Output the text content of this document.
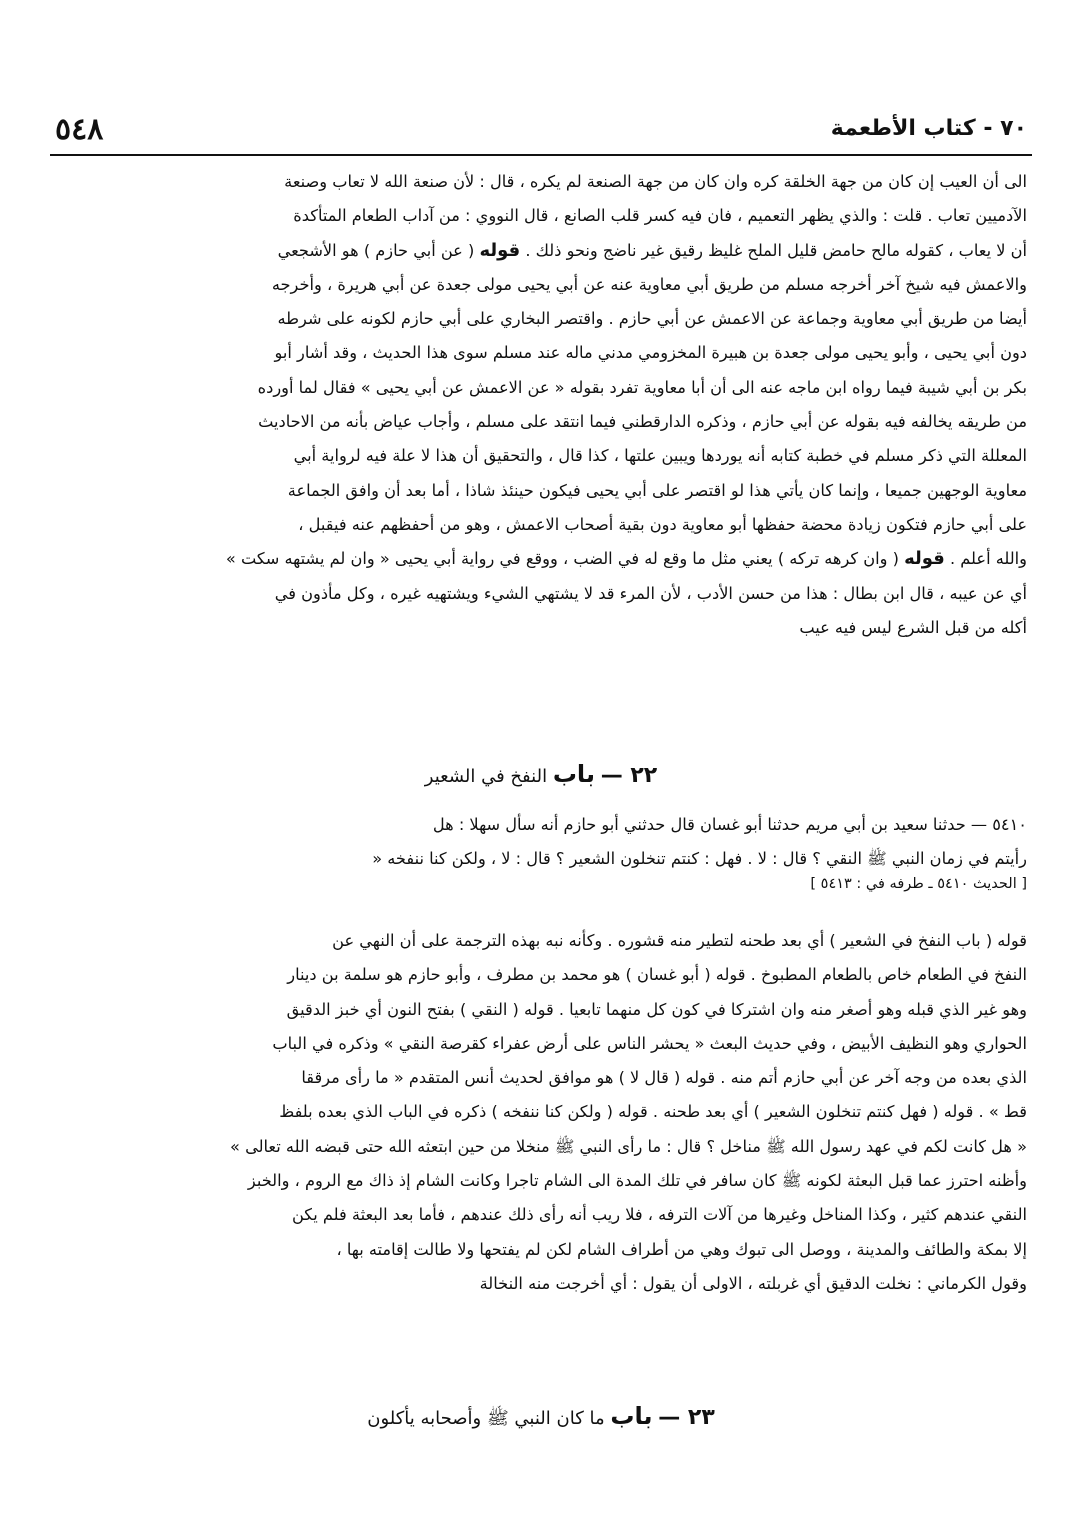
٥٤٨	٧٠ - كتاب الأطعمة

الى أن العيب إن كان من جهة الخلقة كره وان كان من جهة الصنعة لم يكره ، قال : لأن صنعة الله لا تعاب وصنعة

الآدميين تعاب . قلت : والذي يظهر التعميم ، فان فيه كسر قلب الصانع ، قال النووي : من آداب الطعام المتأكدة

أن لا يعاب ، كقوله مالح حامض قليل الملح غليظ رقيق غير ناضج ونحو ذلك . قوله ( عن أبي حازم ) هو الأشجعي

والاعمش فيه شيخ آخر أخرجه مسلم من طريق أبي معاوية عنه عن أبي يحيى مولى جعدة عن أبي هريرة ، وأخرجه

أيضا من طريق أبي معاوية وجماعة عن الاعمش عن أبي حازم . واقتصر البخاري على أبي حازم لكونه على شرطه

دون أبي يحيى ، وأبو يحيى مولى جعدة بن هبيرة المخزومي مدني ماله عند مسلم سوى هذا الحديث ، وقد أشار أبو

بكر بن أبي شيبة فيما رواه ابن ماجه عنه الى أن أبا معاوية تفرد بقوله « عن الاعمش عن أبي يحيى » فقال لما أورده

من طريقه يخالفه فيه بقوله عن أبي حازم ، وذكره الدارقطني فيما انتقد على مسلم ، وأجاب عياض بأنه من الاحاديث

المعللة التي ذكر مسلم في خطبة كتابه أنه يوردها ويبين علتها ، كذا قال ، والتحقيق أن هذا لا علة فيه لرواية أبي

معاوية الوجهين جميعا ، وإنما كان يأتي هذا لو اقتصر على أبي يحيى فيكون حينئذ شاذا ، أما بعد أن وافق الجماعة

على أبي حازم فتكون زيادة محضة حفظها أبو معاوية دون بقية أصحاب الاعمش ، وهو من أحفظهم عنه فيقبل ،

والله أعلم . قوله ( وان كرهه تركه ) يعني مثل ما وقع له في الضب ، ووقع في رواية أبي يحيى « وان لم يشتهه سكت »

أي عن عيبه ، قال ابن بطال : هذا من حسن الأدب ، لأن المرء قد لا يشتهي الشيء ويشتهيه غيره ، وكل مأذون في

أكله من قبل الشرع ليس فيه عيب

٢٢ — باب النفخ في الشعير

٥٤١٠ — حدثنا سعيد بن أبي مريم حدثنا أبو غسان قال حدثني أبو حازم أنه سأل سهلا : هل

رأيتم في زمان النبي ﷺ النقي ؟ قال : لا . فهل : كنتم تنخلون الشعير ؟ قال : لا ، ولكن كنا ننفخه «

[ الحديث ٥٤١٠ ـ طرفه في : ٥٤١٣ ]

قوله ( باب النفخ في الشعير ) أي بعد طحنه لتطير منه قشوره . وكأنه نبه بهذه الترجمة على أن النهي عن

النفخ في الطعام خاص بالطعام المطبوخ . قوله ( أبو غسان ) هو محمد بن مطرف ، وأبو حازم هو سلمة بن دينار

وهو غير الذي قبله وهو أصغر منه وان اشتركا في كون كل منهما تابعيا . قوله ( النقي ) بفتح النون أي خبز الدقيق

الحواري وهو النظيف الأبيض ، وفي حديث البعث « يحشر الناس على أرض عفراء كقرصة النقي » وذكره في الباب

الذي بعده من وجه آخر عن أبي حازم أتم منه . قوله ( قال لا ) هو موافق لحديث أنس المتقدم « ما رأى مرققا

قط » . قوله ( فهل كنتم تنخلون الشعير ) أي بعد طحنه . قوله ( ولكن كنا ننفخه ) ذكره في الباب الذي بعده بلفظ

« هل كانت لكم في عهد رسول الله ﷺ مناخل ؟ قال : ما رأى النبي ﷺ منخلا من حين ابتعثه الله حتى قبضه الله تعالى »

وأظنه احترز عما قبل البعثة لكونه ﷺ كان سافر في تلك المدة الى الشام تاجرا وكانت الشام إذ ذاك مع الروم ، والخبز

النقي عندهم كثير ، وكذا المناخل وغيرها من آلات الترفه ، فلا ريب أنه رأى ذلك عندهم ، فأما بعد البعثة فلم يكن

إلا بمكة والطائف والمدينة ، ووصل الى تبوك وهي من أطراف الشام لكن لم يفتحها ولا طالت إقامته بها ،

وقول الكرماني : نخلت الدقيق أي غربلته ، الاولى أن يقول : أي أخرجت منه النخالة

٢٣ — باب ما كان النبي ﷺ وأصحابه يأكلون
